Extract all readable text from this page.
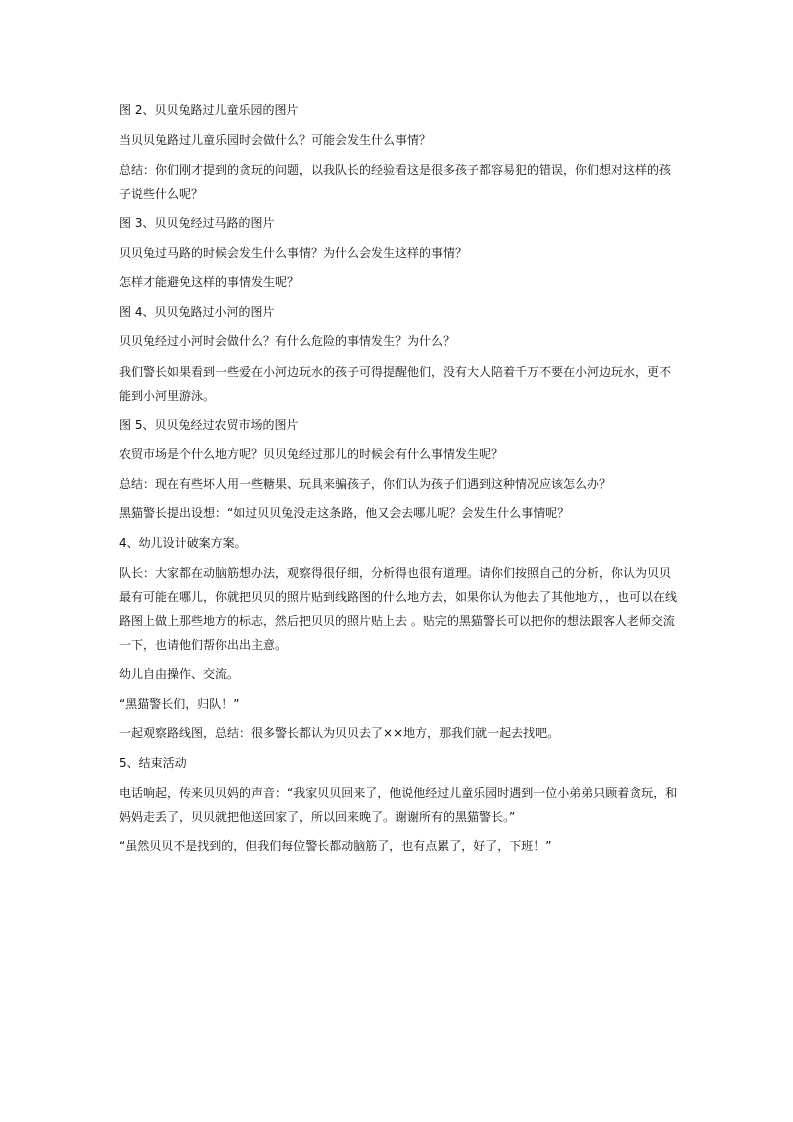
图 2、贝贝兔路过儿童乐园的图片

当贝贝兔路过儿童乐园时会做什么？可能会发生什么事情？

总结：你们刚才提到的贪玩的问题，以我队长的经验看这是很多孩子都容易犯的错误，你们想对这样的孩子说些什么呢？

图 3、贝贝兔经过马路的图片

贝贝兔过马路的时候会发生什么事情？为什么会发生这样的事情？

怎样才能避免这样的事情发生呢？

图 4、贝贝兔路过小河的图片

贝贝兔经过小河时会做什么？有什么危险的事情发生？为什么？

我们警长如果看到一些爱在小河边玩水的孩子可得提醒他们，没有大人陪着千万不要在小河边玩水，更不能到小河里游泳。

图 5、贝贝兔经过农贸市场的图片

农贸市场是个什么地方呢？贝贝兔经过那儿的时候会有什么事情发生呢？

总结：现在有些坏人用一些糖果、玩具来骗孩子，你们认为孩子们遇到这种情况应该怎么办？

黑猫警长提出设想：“如过贝贝兔没走这条路，他又会去哪儿呢？会发生什么事情呢？

4、幼儿设计破案方案。

队长：大家都在动脑筋想办法，观察得很仔细，分析得也很有道理。请你们按照自己的分析，你认为贝贝最有可能在哪儿，你就把贝贝的照片贴到线路图的什么地方去，如果你认为他去了其他地方，，也可以在线路图上做上那些地方的标志，然后把贝贝的照片贴上去 。贴完的黑猫警长可以把你的想法跟客人老师交流一下，也请他们帮你出出主意。

幼儿自由操作、交流。

“黑猫警长们，归队！”

一起观察路线图，总结：很多警长都认为贝贝去了××地方，那我们就一起去找吧。

5、结束活动

电话响起，传来贝贝妈的声音：“我家贝贝回来了，他说他经过儿童乐园时遇到一位小弟弟只顾着贪玩，和妈妈走丢了，贝贝就把他送回家了，所以回来晚了。谢谢所有的黑猫警长。”

“虽然贝贝不是找到的，但我们每位警长都动脑筋了，也有点累了，好了，下班！”
